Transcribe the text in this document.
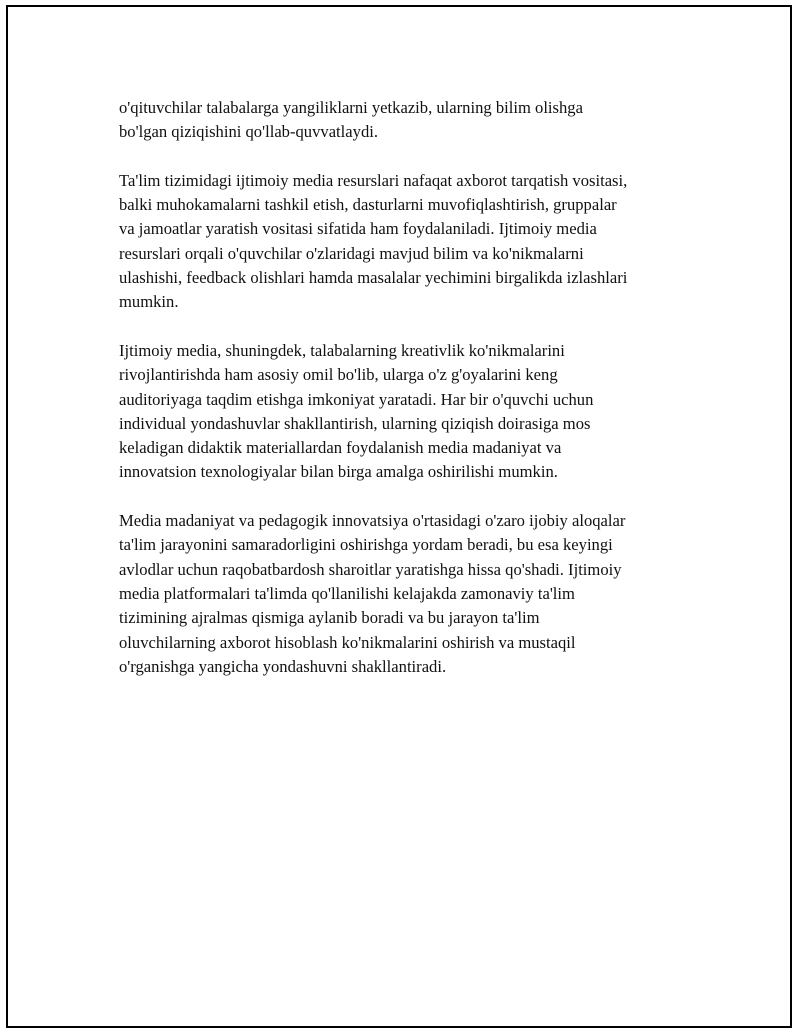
o'qituvchilar talabalarga yangiliklarni yetkazib, ularning bilim olishga
bo'lgan qiziqishini qo'llab-quvvatlaydi.

Ta'lim tizimidagi ijtimoiy media resurslari nafaqat axborot tarqatish vositasi,
balki muhokamalarni tashkil etish, dasturlarni muvofiqlashtirish, gruppalar
va jamoatlar yaratish vositasi sifatida ham foydalaniladi. Ijtimoiy media
resurslari orqali o'quvchilar o'zlaridagi mavjud bilim va ko'nikmalarni
ulashishi, feedback olishlari hamda masalalar yechimini birgalikda izlashlari
mumkin.

Ijtimoiy media, shuningdek, talabalarning kreativlik ko'nikmalarini
rivojlantirishda ham asosiy omil bo'lib, ularga o'z g'oyalarini keng
auditoriyaga taqdim etishga imkoniyat yaratadi. Har bir o'quvchi uchun
individual yondashuvlar shakllantirish, ularning qiziqish doirasiga mos
keladigan didaktik materiallardan foydalanish media madaniyat va
innovatsion texnologiyalar bilan birga amalga oshirilishi mumkin.

Media madaniyat va pedagogik innovatsiya o'rtasidagi o'zaro ijobiy aloqalar
ta'lim jarayonini samaradorligini oshirishga yordam beradi, bu esa keyingi
avlodlar uchun raqobatbardosh sharoitlar yaratishga hissa qo'shadi. Ijtimoiy
media platformalari ta'limda qo'llanilishi kelajakda zamonaviy ta'lim
tizimining ajralmas qismiga aylanib boradi va bu jarayon ta'lim
oluvchilarning axborot hisoblash ko'nikmalarini oshirish va mustaqil
o'rganishga yangicha yondashuvni shakllantiradi.
